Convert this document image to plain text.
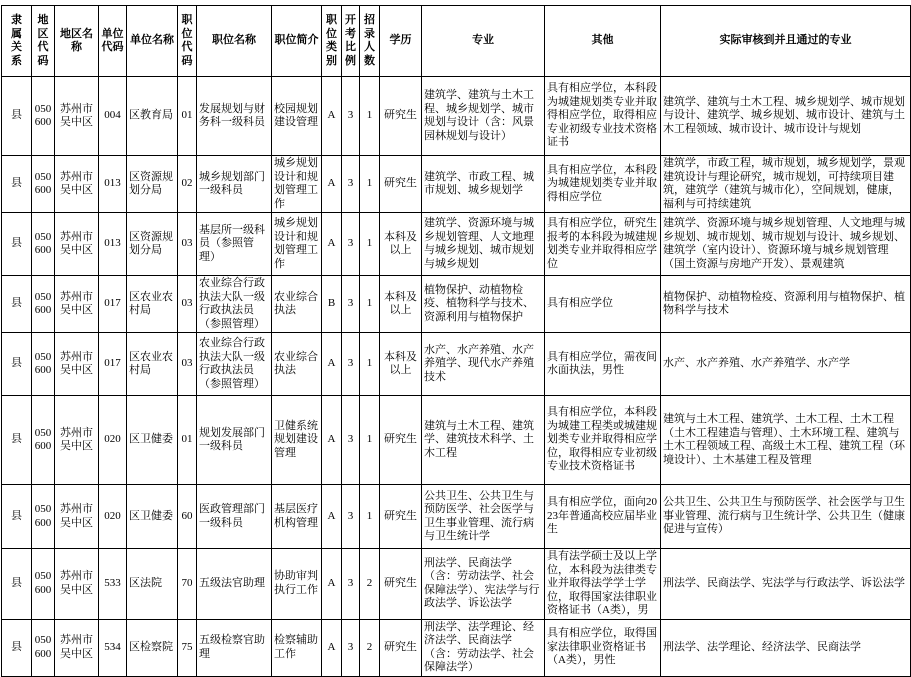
隶属关系	地区代码	地区名称	单位代码	单位名称	职位代码	职位名称	职位简介	职位类别	开考比例	招录人数	学历	专业	其他	实际审核到并且通过的专业
县	050600	苏州市吴中区	004	区教育局	01	发展规划与财务科一级科员	校园规划建设管理	A	3	1	研究生	建筑学、建筑与土木工程、城乡规划学、城市规划与设计（含：风景园林规划与设计）	具有相应学位，本科段为城建规划类专业并取得相应学位，取得相应专业初级专业技术资格证书	建筑学、建筑与土木工程、城乡规划学、城市规划与设计、建筑学、城乡规划、城市设计、建筑与土木工程领域、城市设计、城市设计与规划
县	050600	苏州市吴中区	013	区资源规划分局	02	城乡规划部门一级科员	城乡规划设计和规划管理工作	A	3	1	研究生	建筑学、市政工程、城市规划、城乡规划学	具有相应学位，本科段为城建规划类专业并取得相应学位	建筑学，市政工程，城市规划，城乡规划学，景观建筑设计与理论研究，城市规划，可持续项目建筑，建筑学（建筑与城市化），空间规划，健康，福利与可持续建筑
县	050600	苏州市吴中区	013	区资源规划分局	03	基层所一级科员（参照管理）	城乡规划设计和规划管理工作	A	3	1	本科及以上	建筑学、资源环境与城乡规划管理、人文地理与城乡规划、城市规划与城乡规划	具有相应学位，研究生报考的本科段为城建规划类专业并取得相应学位	建筑学、资源环境与城乡规划管理、人文地理与城乡规划、城市规划、城市规划与设计、城乡规划、建筑学（室内设计）、资源环境与城乡规划管理（国土资源与房地产开发）、景观建筑
县	050600	苏州市吴中区	017	区农业农村局	03	农业综合行政执法大队一级行政执法员（参照管理）	农业综合执法	B	3	1	本科及以上	植物保护、动植物检疫、植物科学与技术、资源利用与植物保护	具有相应学位	植物保护、动植物检疫、资源利用与植物保护、植物科学与技术
县	050600	苏州市吴中区	017	区农业农村局	03	农业综合行政执法大队一级行政执法员（参照管理）	农业综合执法	A	3	1	本科及以上	水产、水产养殖、水产养殖学、现代水产养殖技术	具有相应学位，需夜间水面执法，男性	水产、水产养殖、水产养殖学、水产学
县	050600	苏州市吴中区	020	区卫健委	01	规划发展部门一级科员	卫健系统规划建设管理	A	3	1	研究生	建筑与土木工程、建筑学、建筑技术科学、土木工程	具有相应学位，本科段为城建工程类或城建规划类专业并取得相应学位，取得相应专业初级专业技术资格证书	建筑与土木工程、建筑学、土木工程、土木工程（土木工程建造与管理）、土木环境工程、建筑与土木工程领域工程、高级土木工程、建筑工程（环境设计）、土木基建工程及管理
县	050600	苏州市吴中区	020	区卫健委	60	医政管理部门一级科员	基层医疗机构管理	A	3	1	研究生	公共卫生、公共卫生与预防医学、社会医学与卫生事业管理、流行病与卫生统计学	具有相应学位，面向2023年普通高校应届毕业生	公共卫生、公共卫生与预防医学、社会医学与卫生事业管理、流行病与卫生统计学、公共卫生（健康促进与宣传）
县	050600	苏州市吴中区	533	区法院	70	五级法官助理	协助审判执行工作	A	3	2	研究生	刑法学、民商法学（含：劳动法学、社会保障法学）、宪法学与行政法学、诉讼法学	具有法学硕士及以上学位，本科段为法律类专业并取得法学学士学位，取得国家法律职业资格证书（A类），男	刑法学、民商法学、宪法学与行政法学、诉讼法学
县	050600	苏州市吴中区	534	区检察院	75	五级检察官助理	检察辅助工作	A	3	2	研究生	刑法学、法学理论、经济法学、民商法学（含：劳动法学、社会保障法学）	具有相应学位，取得国家法律职业资格证书（A类），男性	刑法学、法学理论、经济法学、民商法学
